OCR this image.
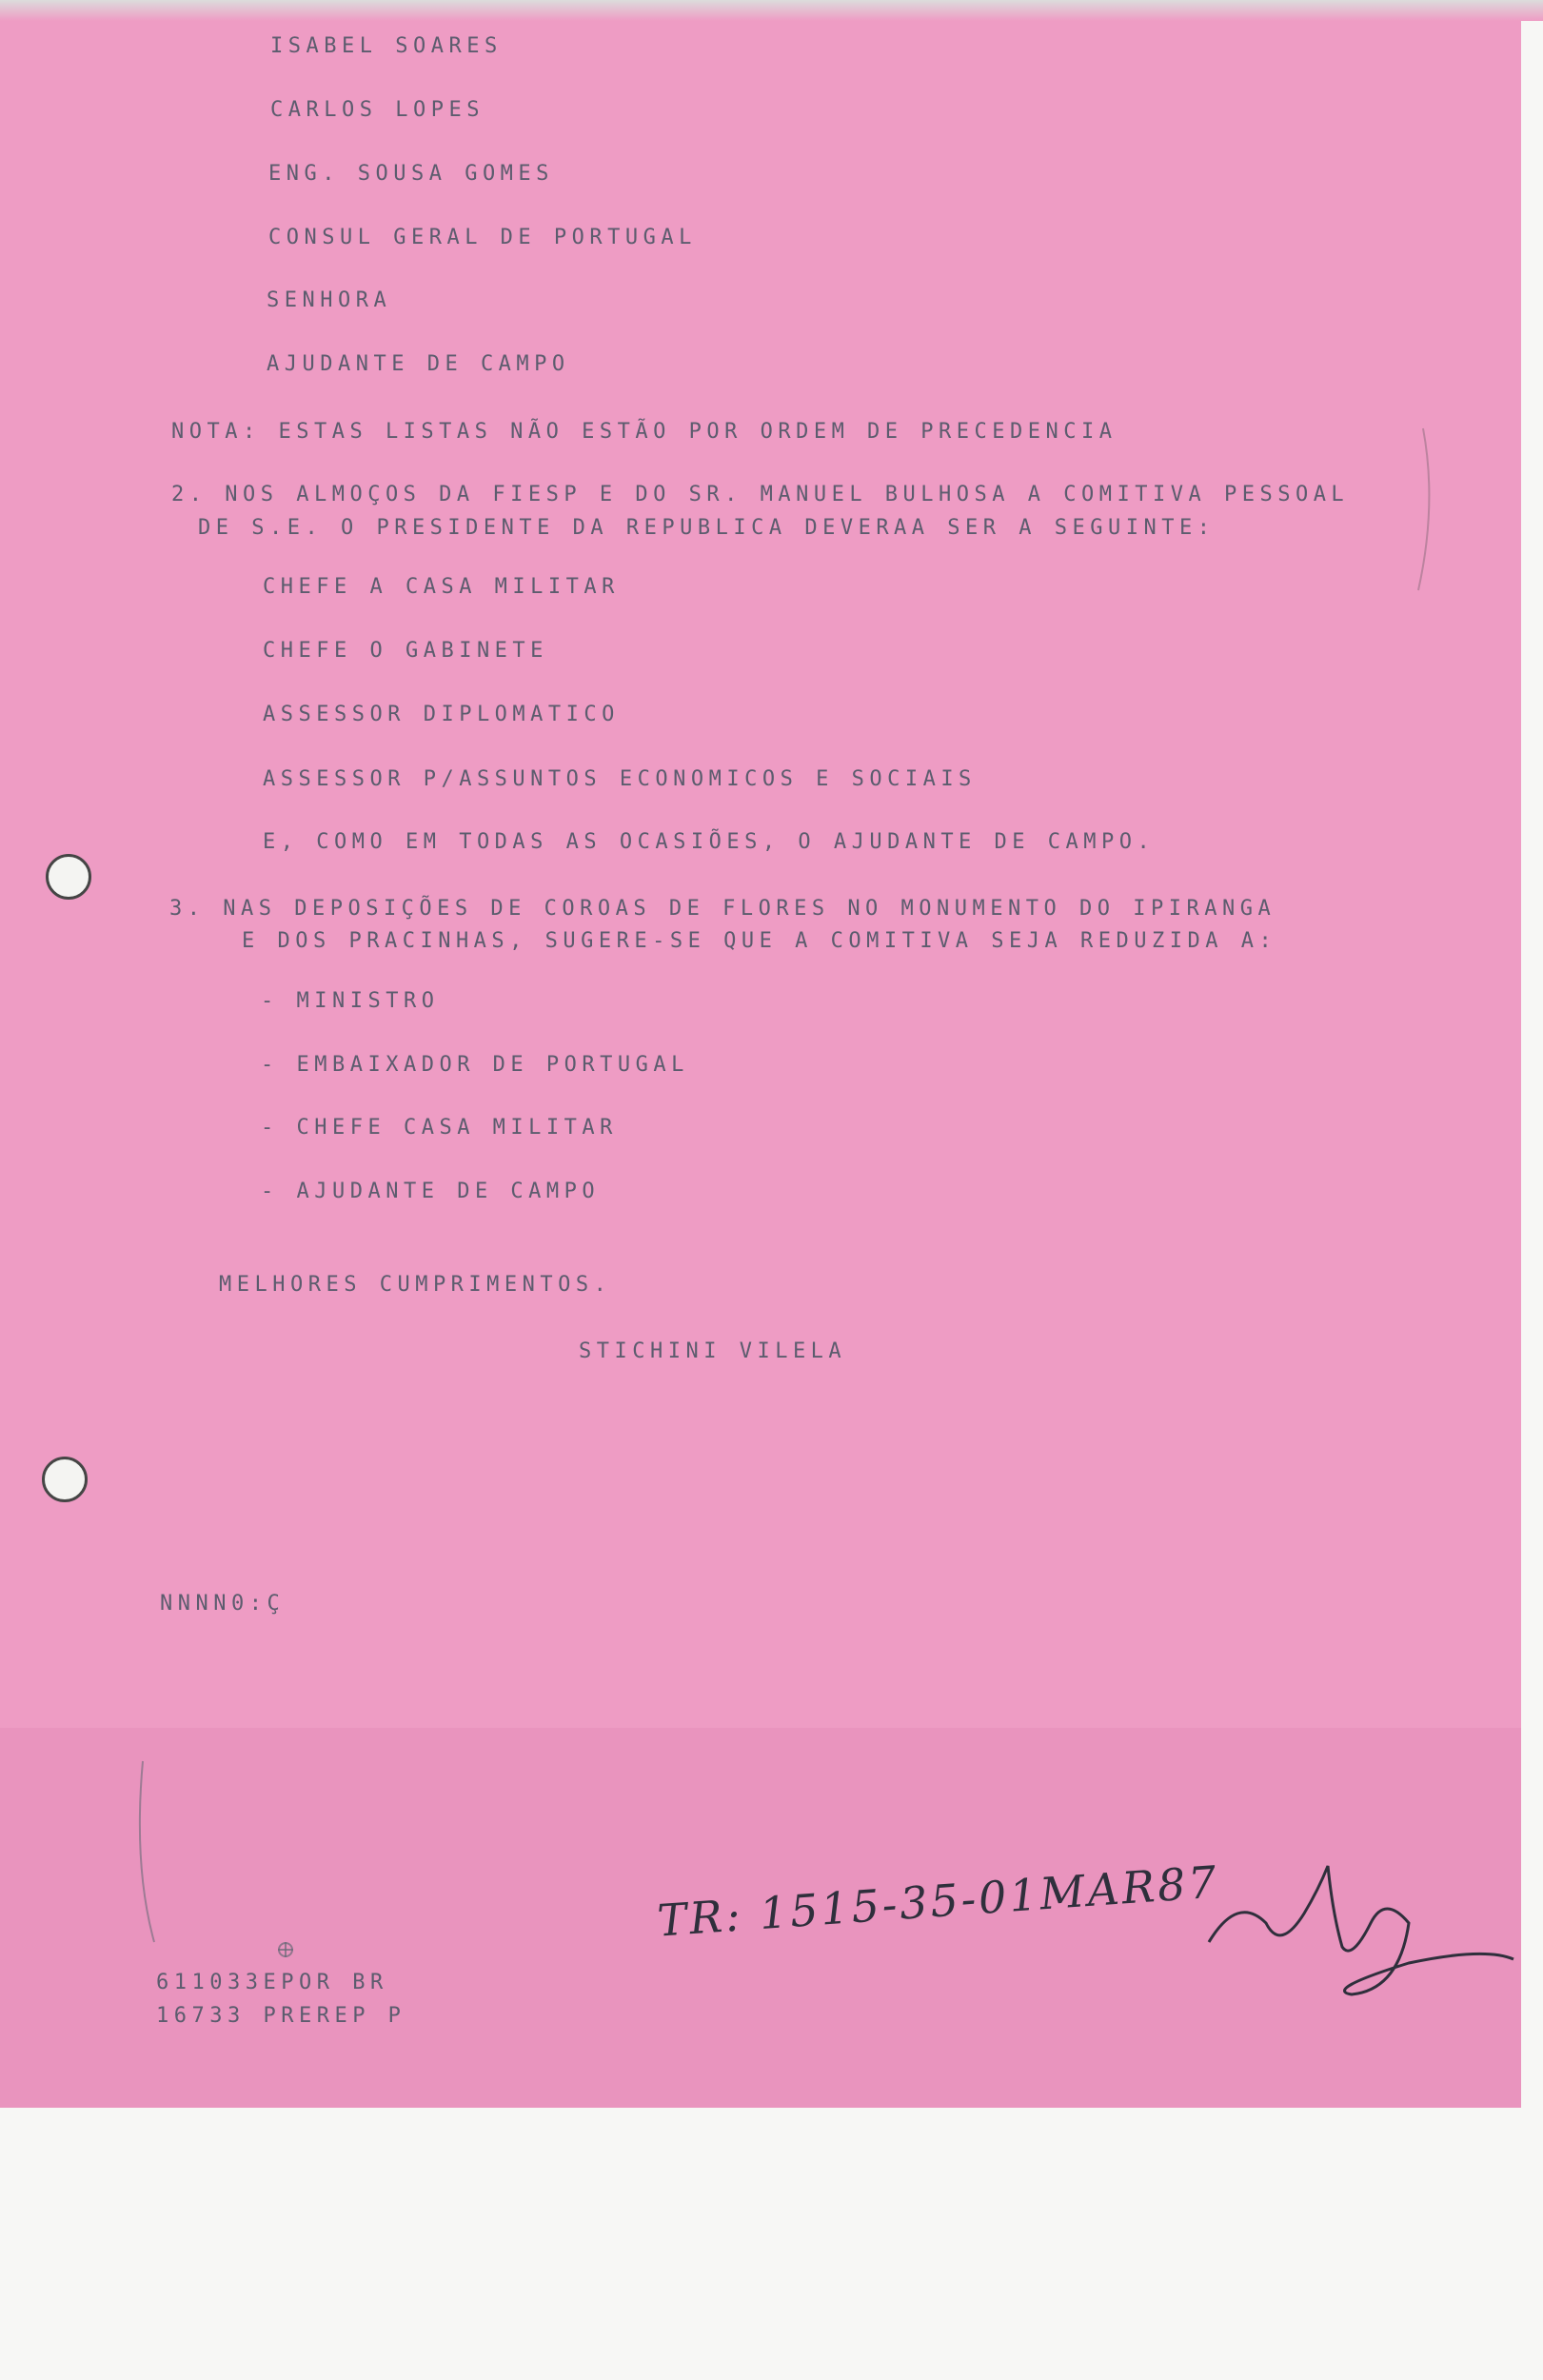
ISABEL SOARES
CARLOS LOPES
ENG. SOUSA GOMES
CONSUL GERAL DE PORTUGAL
SENHORA
AJUDANTE DE CAMPO
NOTA: ESTAS LISTAS NÃO ESTÃO POR ORDEM DE PRECEDENCIA
2. NOS ALMOÇOS DA FIESP E DO SR. MANUEL BULHOSA A COMITIVA PESSOAL
DE S.E. O PRESIDENTE DA REPUBLICA DEVERAA SER A SEGUINTE:
CHEFE A CASA MILITAR
CHEFE O GABINETE
ASSESSOR DIPLOMATICO
ASSESSOR P/ASSUNTOS ECONOMICOS E SOCIAIS
E, COMO EM TODAS AS OCASIÕES, O AJUDANTE DE CAMPO.
3. NAS DEPOSIÇÕES DE COROAS DE FLORES NO MONUMENTO DO IPIRANGA
E DOS PRACINHAS, SUGERE-SE QUE A COMITIVA SEJA REDUZIDA A:
- MINISTRO
- EMBAIXADOR DE PORTUGAL
- CHEFE CASA MILITAR
- AJUDANTE DE CAMPO
MELHORES CUMPRIMENTOS.
STICHINI VILELA
NNNN0:Ç
611033EPOR BR
16733 PREREP P
TR: 1515-35-01MAR87
